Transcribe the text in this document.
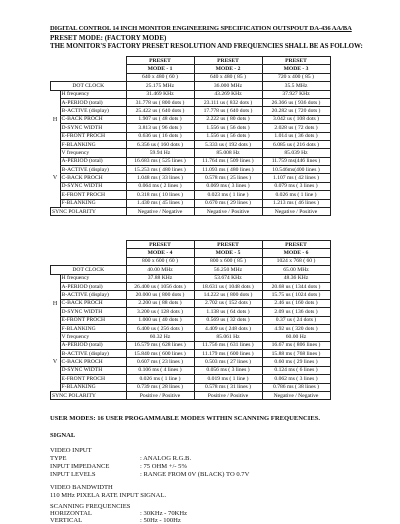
DIGITAL CONTROL 14 INCH MONITOR ENGINEERING SPECIFICATION OUTSPOUT DA-436 AA/BA
PRESET MODE: (FACTORY MODE)
THE MONITOR'S FACTORY PRESET RESOLUTION AND FREQUENCIES SHALL BE AS FOLLOW:
		PRESET	PRESET	PRESET
		MODE - 1	MODE - 2	MODE - 3
		640 x 480 ( 60 )	640 x 480 ( 85 )	720 x 400 ( 85 )
DOT CLOCK		25.175 MHz	36.000 MHz	35.5 MHz
H	H frequency	31.469 KHz	43.269 KHz	37.927 KHz
	A-PERIOD (total)	31.778 us ( 800 dots )	23.111 us ( 832 dots )	26.366 us ( 936 dots )
	B-ACTIVE (display)	25.422 us ( 640 dots )	17.778 us ( 640 dots )	20.282 us ( 720 dots )
	C-BACK PROCH	1.907 us ( 48 dots )	2.222 us ( 80 dots )	3.042 us ( 108 dots )
	D-SYNC WIDTH	3.813 us ( 96 dots )	1.556 us ( 56 dots )	2.028 us ( 72 dots )
	E-FRONT PROCH	0.636 us ( 16 dots )	1.556 us ( 56 dots )	1.014 us ( 36 dots )
	F-BLANKING	6.356 us ( 160 dots )	5.333 us ( 192 dots )	6.085 us ( 216 dots )
V	V frequency	59.94 Hz	85.008 Hz	85.039 Hz
	A-PERIOD (total)	16.683 ms ( 525 lines )	11.764 ms ( 509 lines )	11.759 ms(446 lines )
	B-ACTIVE (display)	15.253 ms ( 480 lines )	11.093 ms ( 480 lines )	10.546ms(400 lines )
	C-BACK PROCH	1.048 ms ( 33 lines )	0.578 ms ( 25 lines )	1.107 ms ( 42 lines )
	D-SYNC WIDTH	0.064 ms ( 2 lines )	0.069 ms ( 3 lines )	0.079 ms ( 3 lines )
	E-FRONT PROCH	0.318 ms ( 10 lines )	0.023 ms ( 1 line )	0.026 ms ( 1 line )
	F-BLANKING	1.430 ms ( 45 lines )	0.670 ms ( 29 lines )	1.213 ms ( 46 lines )
SYNC POLARITY		Negative / Negative	Negative / Positive	Negative / Positive
		PRESET	PRESET	PRESET
		MODE - 4	MODE - 5	MODE - 6
		800 x 600 ( 60 )	800 x 600 ( 85 )	1024 x 768 ( 60 )
DOT CLOCK		40.00 MHz	56.250 MHz	65.00 MHz
H	H frequency	37.88 KHz	53.674 KHz	48.36 KHz
	A-PERIOD (total)	26.400 us ( 1056 dots )	18.631 us ( 1048 dots )	20.68 us ( 1344 dots )
	B-ACTIVE (display)	20.000 us ( 800 dots )	14.222 us ( 800 dots )	15.75 us ( 1024 dots )
	C-BACK PROCH	2.200 us ( 88 dots )	2.702 us ( 152 dots )	2.46 us ( 160 dots )
	D-SYNC WIDTH	3.200 us ( 128 dots )	1.138 us ( 64 dots )	2.09 us ( 136 dots )
	E-FRONT PROCH	1.000 us ( 40 dots )	0.569 us ( 32 dots )	0.37 us ( 24 dots )
	F-BLANKING	6.400 us ( 256 dots )	4.409 us ( 248 dots )	4.92 us ( 320 dots )
V	V frequency	60.32 Hz	85.061 Hz	60.00 Hz
	A-PERIOD (total)	16.579 ms ( 628 lines )	11.756 ms ( 631 lines )	16.67 ms ( 806 lines )
	B-ACTIVE (display)	15.840 ms ( 600 lines )	11.179 ms ( 600 lines )	15.88 ms ( 768 lines )
	C-BACK PROCH	0.607 ms ( 23 lines )	0.503 ms ( 27 lines )	0.60 ms ( 29 lines )
	D-SYNC WIDTH	0.106 ms ( 4 lines )	0.056 ms ( 3 lines )	0.124 ms ( 6 lines )
	E-FRONT PROCH	0.026 ms ( 1 line )	0.019 ms ( 1 line )	0.062 ms ( 3 lines )
	F-BLANKING	0.739 ms ( 28 lines )	0.578 ms ( 31 lines )	0.786 ms ( 38 lines )
SYNC POLARITY		Positive / Positive	Positive / Positive	Negative / Negative
USER MODES: 16 USER PROGAMMABLE MODES WITHIN SCANNING FREQUENCIES.
SIGNAL
VIDEO INPUT
TYPE	: ANALOG R.G.B.
INPUT IMPEDANCE	: 75 OHM +/- 5%
INPUT LEVELS	: RANGE FROM 0V (BLACK) TO 0.7V
VIDEO BANDWIDTH
110 MHz PIXELA RATE INPUT SIGNAL.
SCANNING FREQUENCIES
HORIZONTAL	: 30KHz - 70KHz
VERTICAL	: 50Hz - 100Hz
